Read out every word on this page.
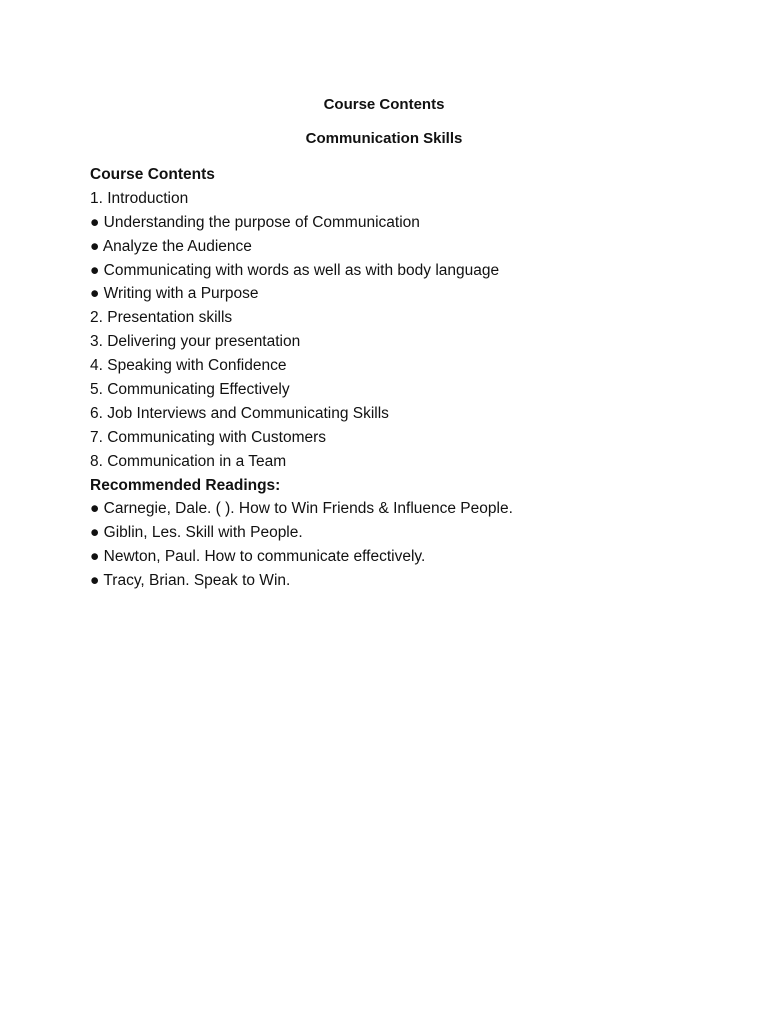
Course Contents

Communication Skills

Course Contents
1. Introduction
● Understanding the purpose of Communication
● Analyze the Audience
● Communicating with words as well as with body language
● Writing with a Purpose
2. Presentation skills
3. Delivering your presentation
4. Speaking with Confidence
5. Communicating Effectively
6. Job Interviews and Communicating Skills
7. Communicating with Customers
8. Communication in a Team
Recommended Readings:
● Carnegie, Dale. ( ). How to Win Friends & Influence People.
● Giblin, Les. Skill with People.
● Newton, Paul. How to communicate effectively.
● Tracy, Brian. Speak to Win.
